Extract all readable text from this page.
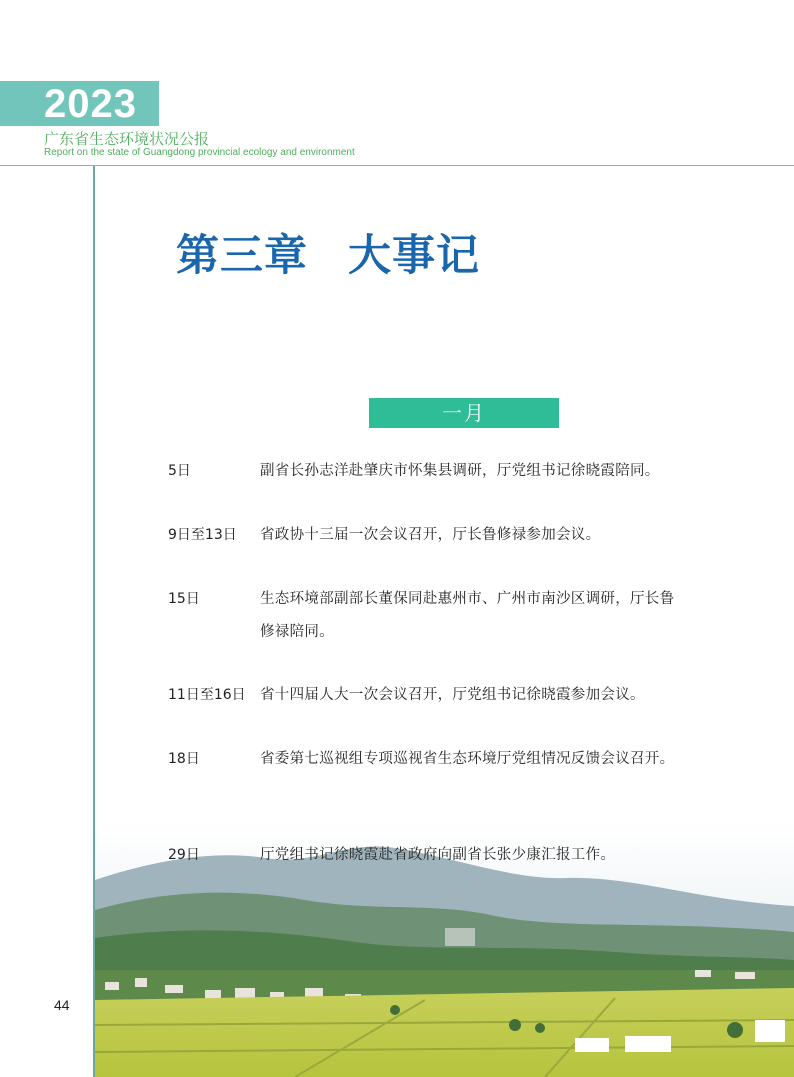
2023
广东省生态环境状况公报
Report on the state of Guangdong provincial ecology and environment
第三章 大事记
一月
5日	副省长孙志洋赴肇庆市怀集县调研，厅党组书记徐晓霞陪同。
9日至13日 省政协十三届一次会议召开，厅长鲁修禄参加会议。
15日	生态环境部副部长董保同赴惠州市、广州市南沙区调研，厅长鲁修禄陪同。
11日至16日 省十四届人大一次会议召开，厅党组书记徐晓霞参加会议。
18日	省委第七巡视组专项巡视省生态环境厅党组情况反馈会议召开。
29日	厅党组书记徐晓霞赴省政府向副省长张少康汇报工作。
44
